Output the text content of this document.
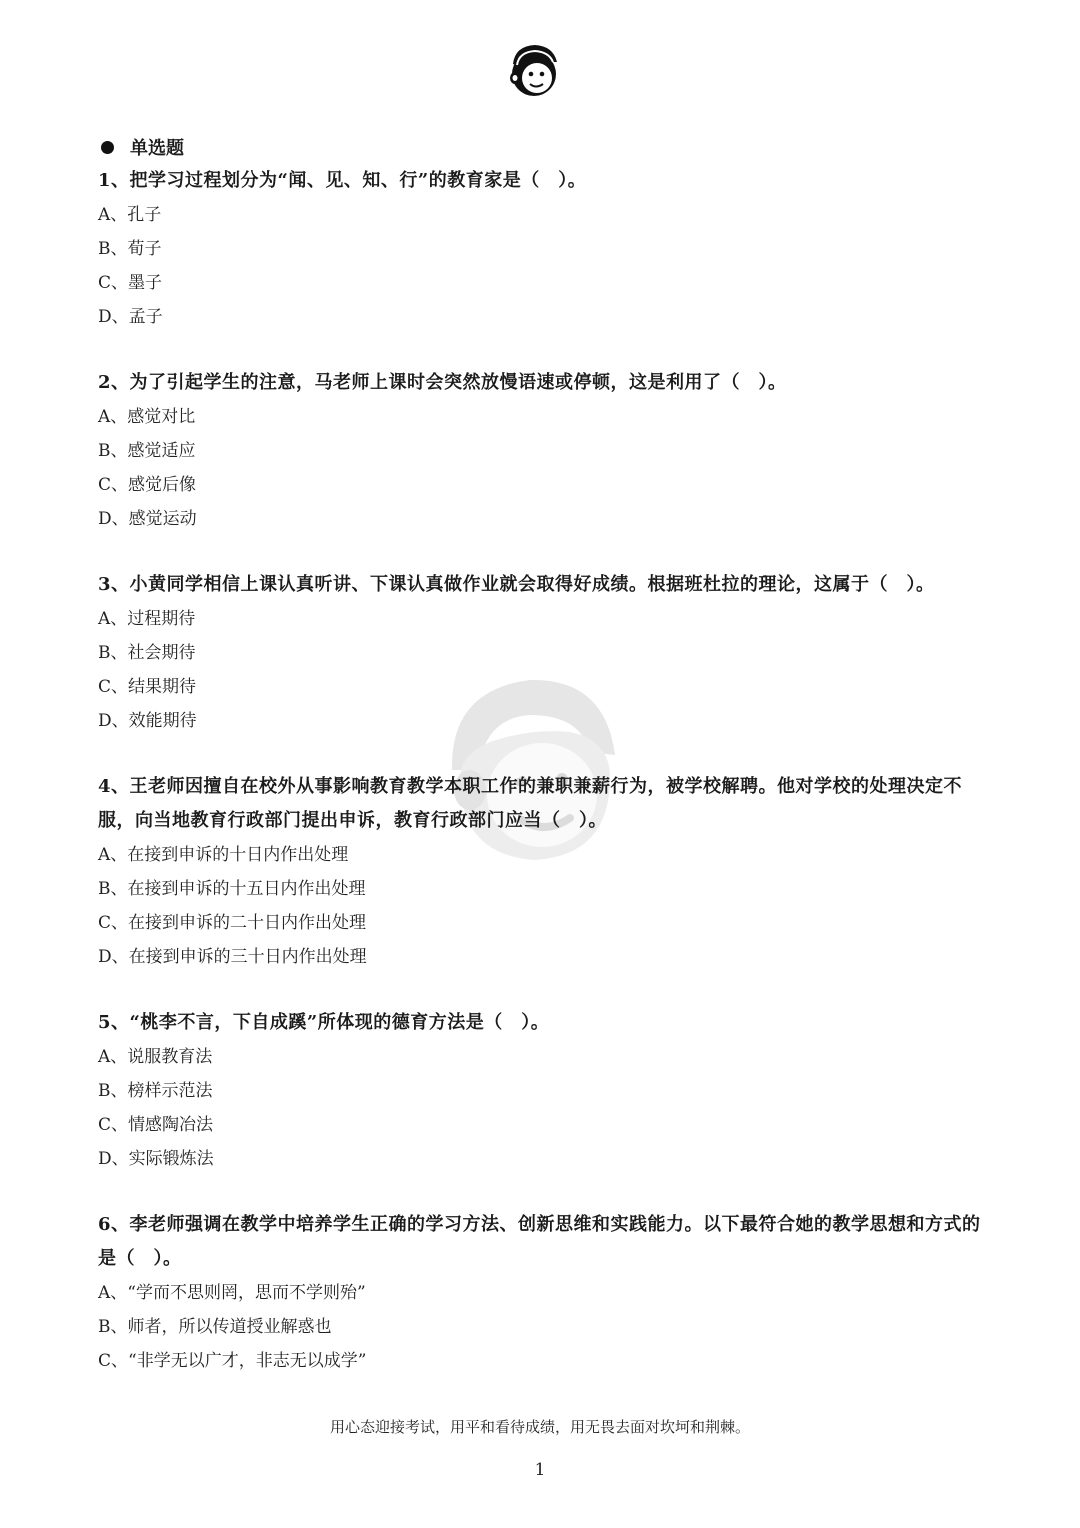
单选题
1、把学习过程划分为“闻、见、知、行”的教育家是（　）。
A、孔子
B、荀子
C、墨子
D、孟子
2、为了引起学生的注意，马老师上课时会突然放慢语速或停顿，这是利用了（　）。
A、感觉对比
B、感觉适应
C、感觉后像
D、感觉运动
3、小黄同学相信上课认真听讲、下课认真做作业就会取得好成绩。根据班杜拉的理论，这属于（　）。
A、过程期待
B、社会期待
C、结果期待
D、效能期待
4、王老师因擅自在校外从事影响教育教学本职工作的兼职兼薪行为，被学校解聘。他对学校的处理决定不服，向当地教育行政部门提出申诉，教育行政部门应当（　）。
A、在接到申诉的十日内作出处理
B、在接到申诉的十五日内作出处理
C、在接到申诉的二十日内作出处理
D、在接到申诉的三十日内作出处理
5、“桃李不言，下自成蹊”所体现的德育方法是（　）。
A、说服教育法
B、榜样示范法
C、情感陶冶法
D、实际锻炼法
6、李老师强调在教学中培养学生正确的学习方法、创新思维和实践能力。以下最符合她的教学思想和方式的是（　）。
A、“学而不思则罔，思而不学则殆”
B、师者，所以传道授业解惑也
C、“非学无以广才，非志无以成学”
用心态迎接考试，用平和看待成绩，用无畏去面对坎坷和荆棘。
1
